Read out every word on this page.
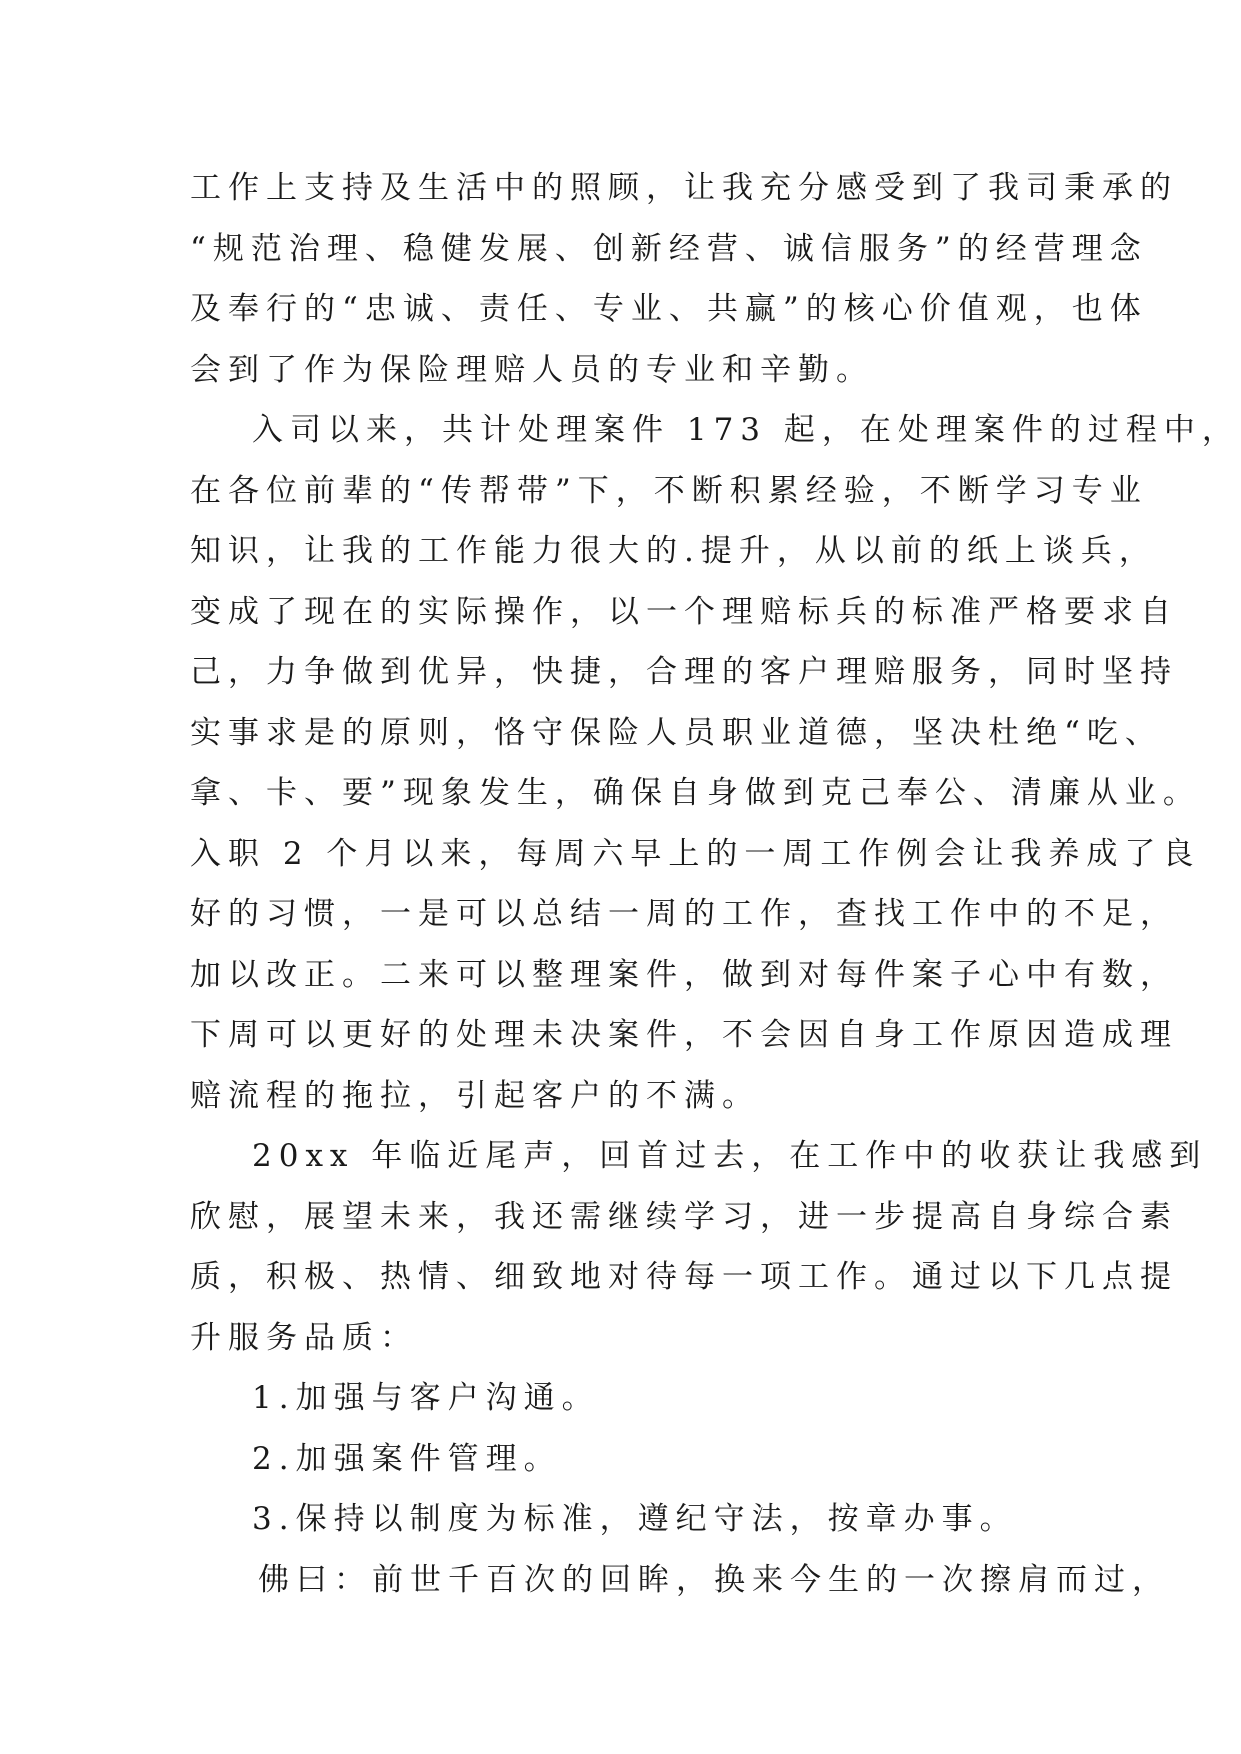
工作上支持及生活中的照顾，让我充分感受到了我司秉承的
“规范治理、稳健发展、创新经营、诚信服务”的经营理念
及奉行的“忠诚、责任、专业、共赢”的核心价值观，也体
会到了作为保险理赔人员的专业和辛勤。
入司以来，共计处理案件 173 起，在处理案件的过程中，
在各位前辈的“传帮带”下，不断积累经验，不断学习专业
知识，让我的工作能力很大的.提升，从以前的纸上谈兵，
变成了现在的实际操作，以一个理赔标兵的标准严格要求自
己，力争做到优异，快捷，合理的客户理赔服务，同时坚持
实事求是的原则，恪守保险人员职业道德，坚决杜绝“吃、
拿、卡、要”现象发生，确保自身做到克己奉公、清廉从业。
入职 2 个月以来，每周六早上的一周工作例会让我养成了良
好的习惯，一是可以总结一周的工作，查找工作中的不足，
加以改正。二来可以整理案件，做到对每件案子心中有数，
下周可以更好的处理未决案件，不会因自身工作原因造成理
赔流程的拖拉，引起客户的不满。
20xx 年临近尾声，回首过去，在工作中的收获让我感到
欣慰，展望未来，我还需继续学习，进一步提高自身综合素
质，积极、热情、细致地对待每一项工作。通过以下几点提
升服务品质：
1.加强与客户沟通。
2.加强案件管理。
3.保持以制度为标准，遵纪守法，按章办事。
佛曰：前世千百次的回眸，换来今生的一次擦肩而过，
